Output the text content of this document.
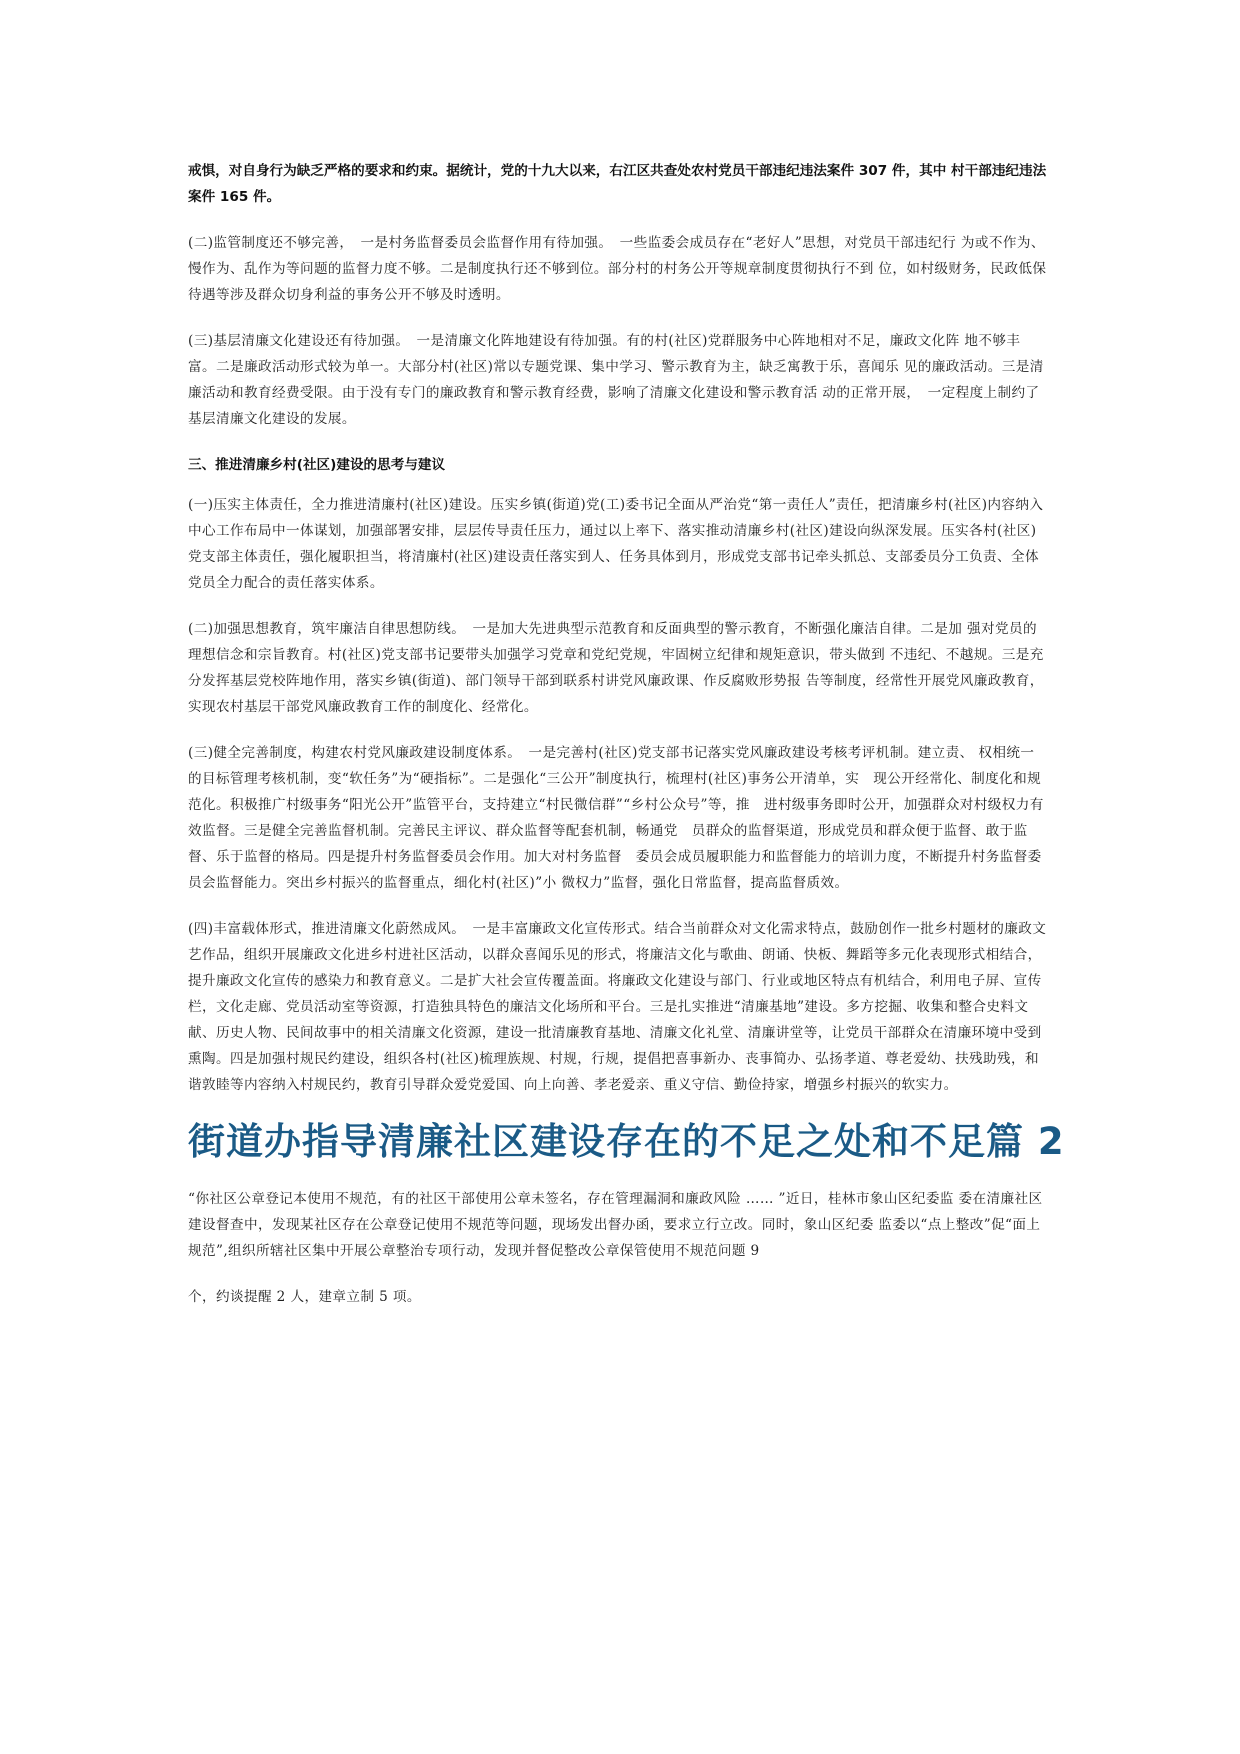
戒惧，对自身行为缺乏严格的要求和约束。据统计，党的十九大以来，右江区共查处农村党员干部违纪违法案件 307 件，其中 村干部违纪违法案件 165 件。

(二)监管制度还不够完善，　一是村务监督委员会监督作用有待加强。　一些监委会成员存在“老好人”思想，对党员干部违纪行 为或不作为、慢作为、乱作为等问题的监督力度不够。二是制度执行还不够到位。部分村的村务公开等规章制度贯彻执行不到 位，如村级财务，民政低保待遇等涉及群众切身利益的事务公开不够及时透明。

(三)基层清廉文化建设还有待加强。　一是清廉文化阵地建设有待加强。有的村(社区)党群服务中心阵地相对不足，廉政文化阵 地不够丰富。二是廉政活动形式较为单一。大部分村(社区)常以专题党课、集中学习、警示教育为主，缺乏寓教于乐，喜闻乐 见的廉政活动。三是清廉活动和教育经费受限。由于没有专门的廉政教育和警示教育经费，影响了清廉文化建设和警示教育活 动的正常开展，　一定程度上制约了基层清廉文化建设的发展。

三、推进清廉乡村(社区)建设的思考与建议

(一)压实主体责任，全力推进清廉村(社区)建设。压实乡镇(街道)党(工)委书记全面从严治党“第一责任人”责任，把清廉乡村(社区)内容纳入中心工作布局中一体谋划，加强部署安排，层层传导责任压力，通过以上率下、落实推动清廉乡村(社区)建设向纵深发展。压实各村(社区)党支部主体责任，强化履职担当，将清廉村(社区)建设责任落实到人、任务具体到月，形成党支部书记牵头抓总、支部委员分工负责、全体党员全力配合的责任落实体系。

(二)加强思想教育，筑牢廉洁自律思想防线。　一是加大先进典型示范教育和反面典型的警示教育，不断强化廉洁自律。二是加 强对党员的理想信念和宗旨教育。村(社区)党支部书记要带头加强学习党章和党纪党规，牢固树立纪律和规矩意识，带头做到 不违纪、不越规。三是充分发挥基层党校阵地作用，落实乡镇(街道)、部门领导干部到联系村讲党风廉政课、作反腐败形势报 告等制度，经常性开展党风廉政教育，实现农村基层干部党风廉政教育工作的制度化、经常化。

(三)健全完善制度，构建农村党风廉政建设制度体系。　一是完善村(社区)党支部书记落实党风廉政建设考核考评机制。建立责、 权相统一的目标管理考核机制，变“软任务”为“硬指标”。二是强化“三公开”制度执行，梳理村(社区)事务公开清单，实　现公开经常化、制度化和规范化。积极推广村级事务“阳光公开”监管平台，支持建立“村民微信群”“乡村公众号”等，推　进村级事务即时公开，加强群众对村级权力有效监督。三是健全完善监督机制。完善民主评议、群众监督等配套机制，畅通党　员群众的监督渠道，形成党员和群众便于监督、敢于监督、乐于监督的格局。四是提升村务监督委员会作用。加大对村务监督　委员会成员履职能力和监督能力的培训力度，不断提升村务监督委员会监督能力。突出乡村振兴的监督重点，细化村(社区)”小 微权力”监督，强化日常监督，提高监督质效。

(四)丰富载体形式，推进清廉文化蔚然成风。　一是丰富廉政文化宣传形式。结合当前群众对文化需求特点，鼓励创作一批乡村题材的廉政文艺作品，组织开展廉政文化进乡村进社区活动，以群众喜闻乐见的形式，将廉洁文化与歌曲、朗诵、快板、舞蹈等多元化表现形式相结合，提升廉政文化宣传的感染力和教育意义。二是扩大社会宣传覆盖面。将廉政文化建设与部门、行业或地区特点有机结合，利用电子屏、宣传栏，文化走廊、党员活动室等资源，打造独具特色的廉洁文化场所和平台。三是扎实推进“清廉基地”建设。多方挖掘、收集和整合史料文献、历史人物、民间故事中的相关清廉文化资源，建设一批清廉教育基地、清廉文化礼堂、清廉讲堂等，让党员干部群众在清廉环境中受到熏陶。四是加强村规民约建设，组织各村(社区)梳理族规、村规，行规，提倡把喜事新办、丧事简办、弘扬孝道、尊老爱幼、扶残助残，和谐敦睦等内容纳入村规民约，教育引导群众爱党爱国、向上向善、孝老爱亲、重义守信、勤俭持家，增强乡村振兴的软实力。

街道办指导清廉社区建设存在的不足之处和不足篇 2

“你社区公章登记本使用不规范，有的社区干部使用公章未签名，存在管理漏洞和廉政风险 …… ”近日，桂林市象山区纪委监 委在清廉社区建设督查中，发现某社区存在公章登记使用不规范等问题，现场发出督办函，要求立行立改。同时，象山区纪委 监委以“点上整改”促“面上规范”,组织所辖社区集中开展公章整治专项行动，发现并督促整改公章保管使用不规范问题 9

个，约谈提醒 2 人，建章立制 5 项。
